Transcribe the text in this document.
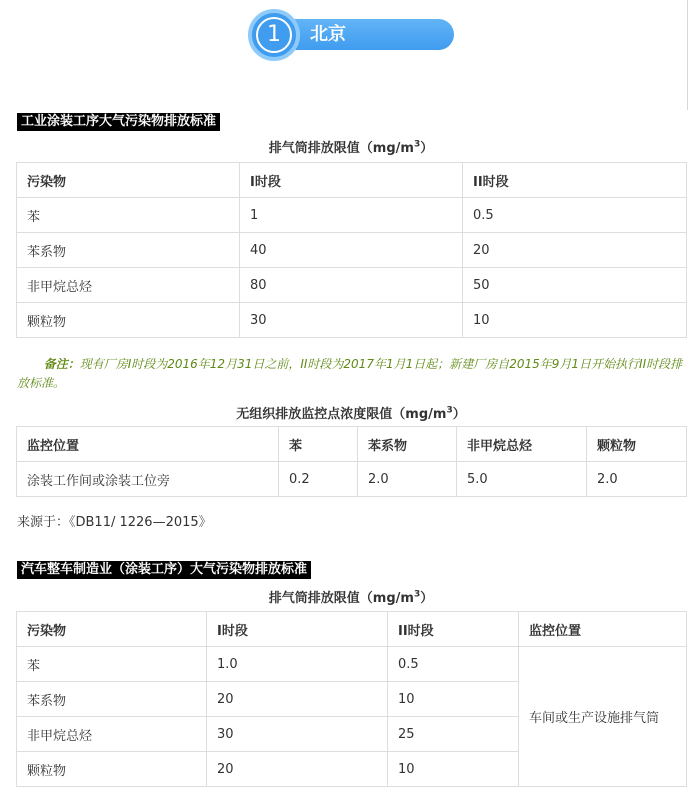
北京
1
工业涂装工序大气污染物排放标准
排气筒排放限值$(mg/m^3)$
污染物	I时段	II时段
苯	1	0.5
苯系物	40	20
非甲烷总烃	80	50
颗粒物	30	10
备注：现有厂房I时段为2016年12月31日之前，II时段为2017年1月1日起；新建厂房自2015年9月1日开始执行II时段排放标准。
无组织排放监控点浓度限值$(mg/m^3)$
监控位置	苯	苯系物	非甲烷总烃	颗粒物
涂装工作间或涂装工位旁	0.2	2.0	5.0	2.0
来源于：《DB11/ 1226—2015》
汽车整车制造业（涂装工序）大气污染物排放标准
排气筒排放限值$(mg/m^3)$
污染物	I时段	II时段	监控位置
苯	1.0	0.5	车间或生产设施排气筒
苯系物	20	10	
非甲烷总烃	30	25	
颗粒物	20	10	
